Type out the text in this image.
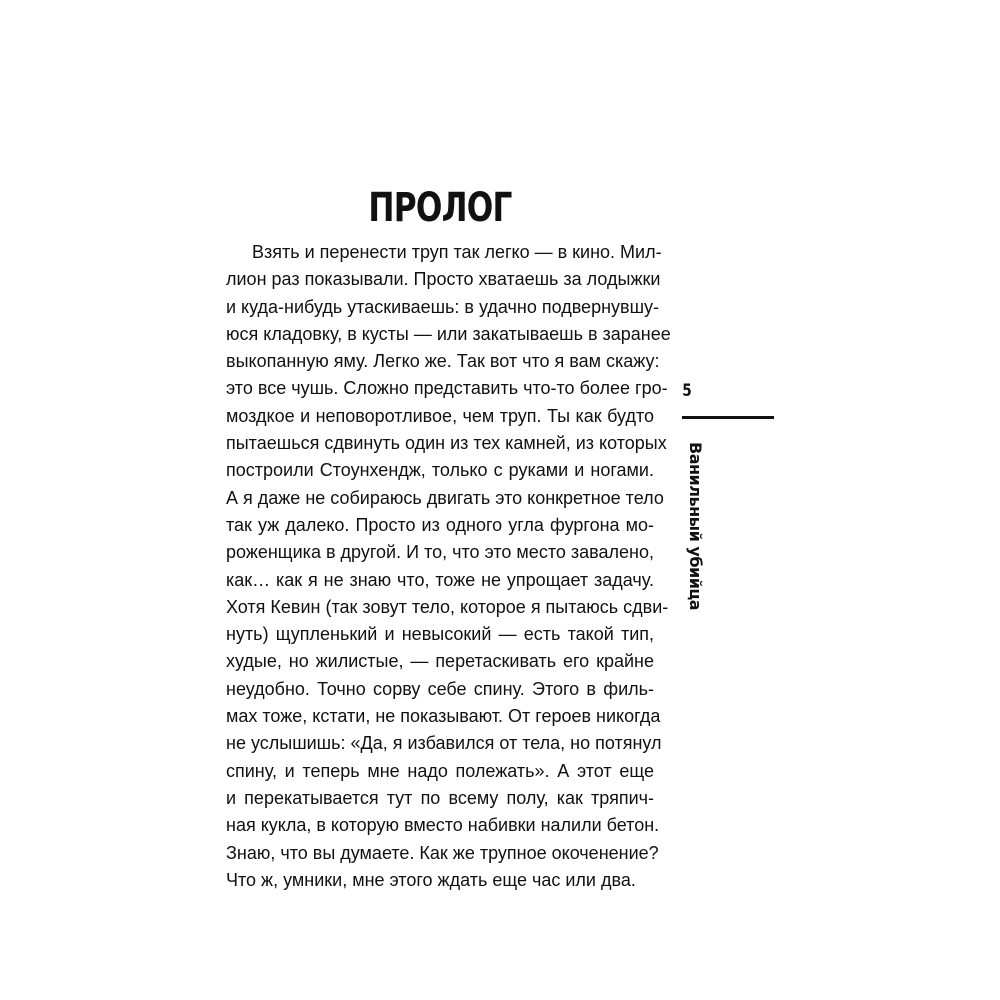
ПРОЛОГ
Взять и перенести труп так легко — в кино. Мил-
лион раз показывали. Просто хватаешь за лодыжки
и куда-нибудь утаскиваешь: в удачно подвернувшу-
юся кладовку, в кусты — или закатываешь в заранее
выкопанную яму. Легко же. Так вот что я вам скажу:
это все чушь. Сложно представить что-то более гро-
моздкое и неповоротливое, чем труп. Ты как будто
пытаешься сдвинуть один из тех камней, из которых
построили Стоунхендж, только с руками и ногами.
А я даже не собираюсь двигать это конкретное тело
так уж далеко. Просто из одного угла фургона мо-
роженщика в другой. И то, что это место завалено,
как… как я не знаю что, тоже не упрощает задачу.
Хотя Кевин (так зовут тело, которое я пытаюсь сдви-
нуть) щупленький и невысокий — есть такой тип,
худые, но жилистые, — перетаскивать его крайне
неудобно. Точно сорву себе спину. Этого в филь-
мах тоже, кстати, не показывают. От героев никогда
не услышишь: «Да, я избавился от тела, но потянул
спину, и теперь мне надо полежать». А этот еще
и перекатывается тут по всему полу, как тряпич-
ная кукла, в которую вместо набивки налили бетон.
Знаю, что вы думаете. Как же трупное окоченение?
Что ж, умники, мне этого ждать еще час или два.
5
Ванильный убийца
